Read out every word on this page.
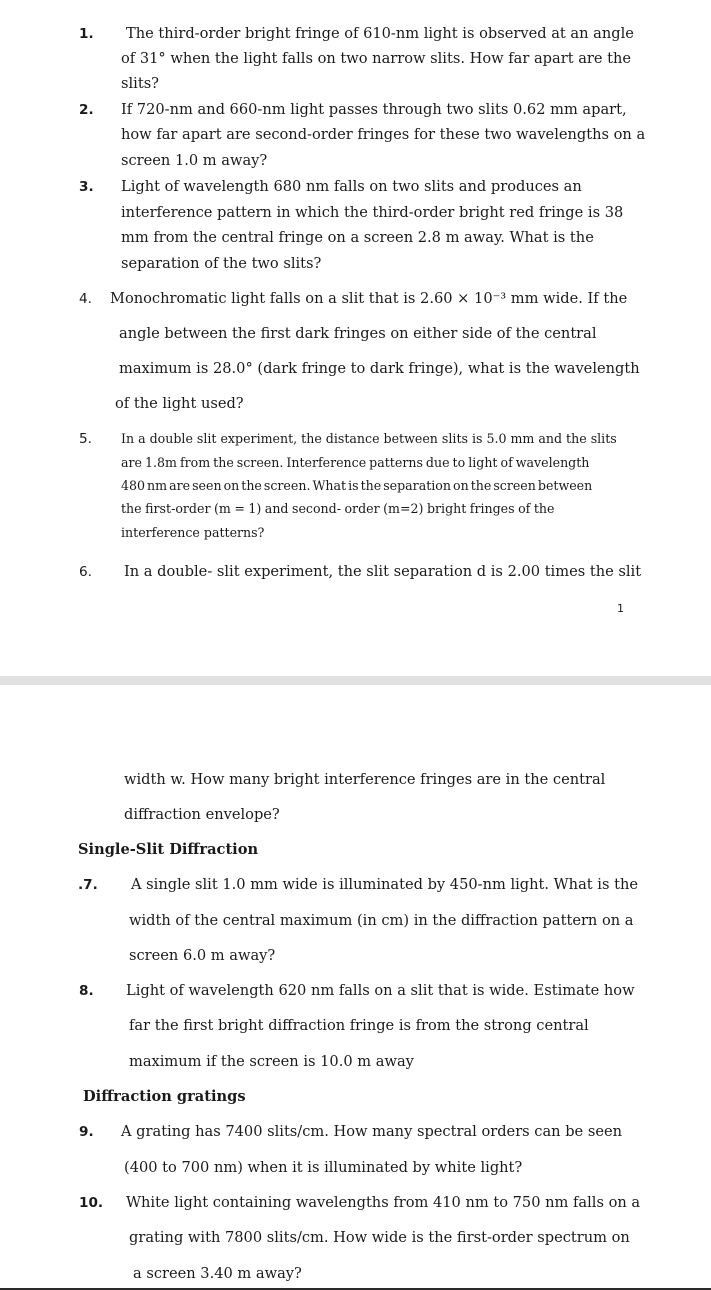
1. The third-order bright fringe of 610-nm light is observed at an angle
of 31° when the light falls on two narrow slits. How far apart are the
slits?
2. If 720-nm and 660-nm light passes through two slits 0.62 mm apart,
how far apart are second-order fringes for these two wavelengths on a
screen 1.0 m away?
3. Light of wavelength 680 nm falls on two slits and produces an
interference pattern in which the third-order bright red fringe is 38
mm from the central fringe on a screen 2.8 m away. What is the
separation of the two slits?
4. Monochromatic light falls on a slit that is 2.60 × 10⁻³ mm wide. If the
angle between the first dark fringes on either side of the central
maximum is 28.0° (dark fringe to dark fringe), what is the wavelength
of the light used?
5. In a double slit experiment, the distance between slits is 5.0 mm and the slits
are 1.8m from the screen. Interference patterns due to light of wavelength
480 nm are seen on the screen. What is the separation on the screen between
the first-order (m = 1) and second- order (m=2) bright fringes of the
interference patterns?
6. In a double- slit experiment, the slit separation d is 2.00 times the slit
1
width w. How many bright interference fringes are in the central
diffraction envelope?
Single-Slit Diffraction
.7. A single slit 1.0 mm wide is illuminated by 450-nm light. What is the
width of the central maximum (in cm) in the diffraction pattern on a
screen 6.0 m away?
8. Light of wavelength 620 nm falls on a slit that is wide. Estimate how
far the first bright diffraction fringe is from the strong central
maximum if the screen is 10.0 m away
Diffraction gratings
9. A grating has 7400 slits/cm. How many spectral orders can be seen
(400 to 700 nm) when it is illuminated by white light?
10. White light containing wavelengths from 410 nm to 750 nm falls on a
grating with 7800 slits/cm. How wide is the first-order spectrum on
a screen 3.40 m away?
